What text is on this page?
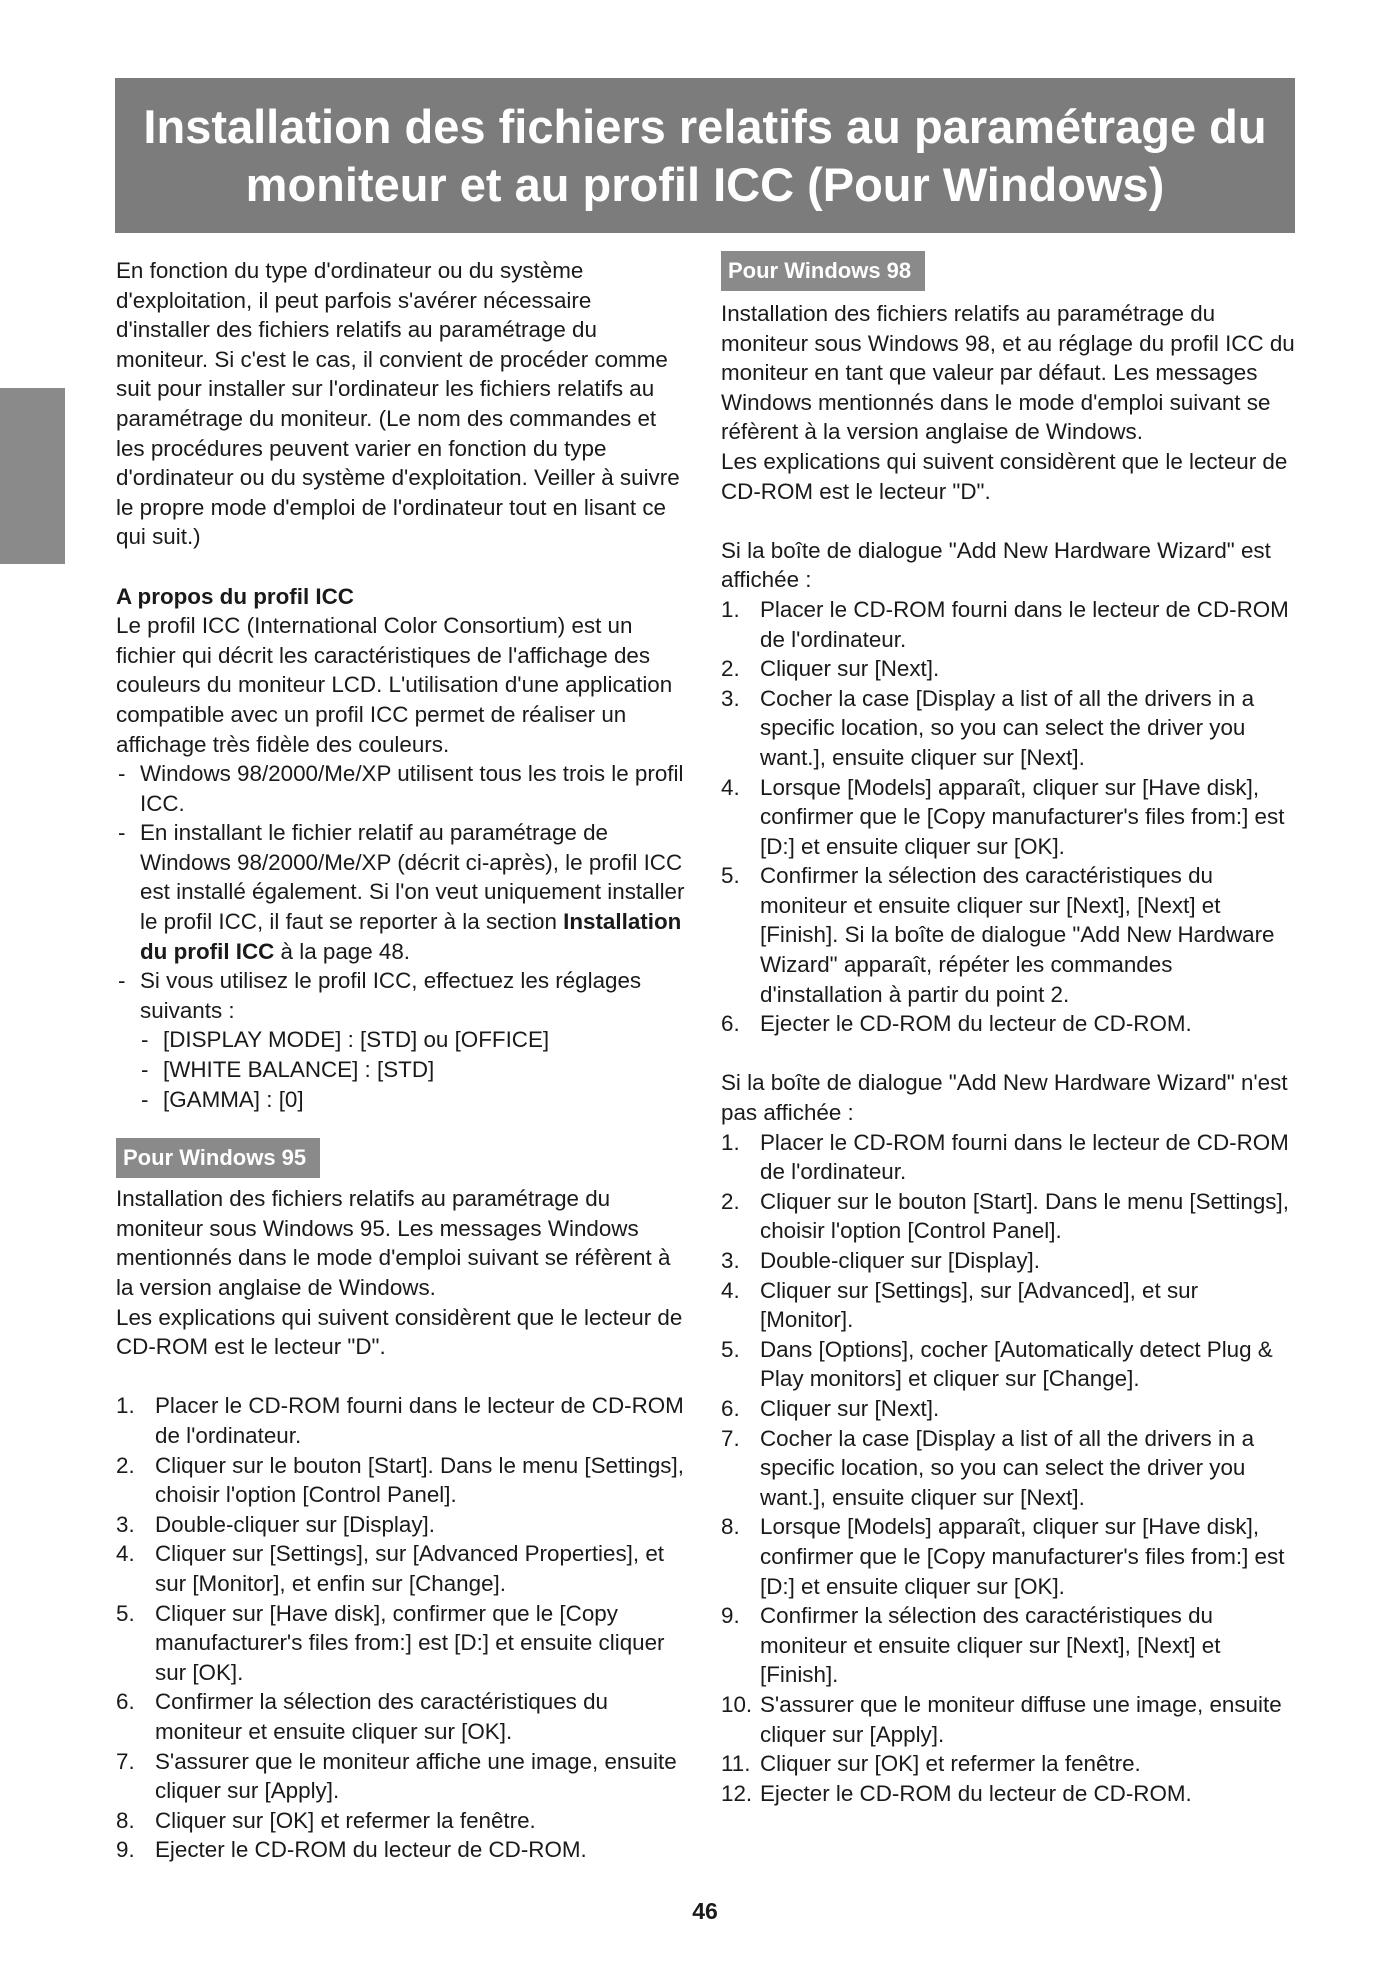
Installation des fichiers relatifs au paramétrage du
moniteur et au profil ICC (Pour Windows)

En fonction du type d'ordinateur ou du système d'exploitation, il peut parfois s'avérer nécessaire d'installer des fichiers relatifs au paramétrage du moniteur. Si c'est le cas, il convient de procéder comme suit pour installer sur l'ordinateur les fichiers relatifs au paramétrage du moniteur. (Le nom des commandes et les procédures peuvent varier en fonction du type d'ordinateur ou du système d'exploitation. Veiller à suivre le propre mode d'emploi de l'ordinateur tout en lisant ce qui suit.)

A propos du profil ICC

Le profil ICC (International Color Consortium) est un fichier qui décrit les caractéristiques de l'affichage des couleurs du moniteur LCD. L'utilisation d'une application compatible avec un profil ICC permet de réaliser un affichage très fidèle des couleurs.

- Windows 98/2000/Me/XP utilisent tous les trois le profil ICC.
- En installant le fichier relatif au paramétrage de Windows 98/2000/Me/XP (décrit ci-après), le profil ICC est installé également. Si l'on veut uniquement installer le profil ICC, il faut se reporter à la section Installation du profil ICC à la page 48.
- Si vous utilisez le profil ICC, effectuez les réglages suivants :
- [DISPLAY MODE] : [STD] ou [OFFICE]
- [WHITE BALANCE] : [STD]
- [GAMMA] : [0]
Pour Windows 95

Installation des fichiers relatifs au paramétrage du moniteur sous Windows 95. Les messages Windows mentionnés dans le mode d'emploi suivant se réfèrent à la version anglaise de Windows.

Les explications qui suivent considèrent que le lecteur de CD-ROM est le lecteur "D".

1. Placer le CD-ROM fourni dans le lecteur de CD-ROM de l'ordinateur.
2. Cliquer sur le bouton [Start]. Dans le menu [Settings], choisir l'option [Control Panel].
3. Double-cliquer sur [Display].
4. Cliquer sur [Settings], sur [Advanced Properties], et sur [Monitor], et enfin sur [Change].
5. Cliquer sur [Have disk], confirmer que le [Copy manufacturer's files from:] est [D:] et ensuite cliquer sur [OK].
6. Confirmer la sélection des caractéristiques du moniteur et ensuite cliquer sur [OK].
7. S'assurer que le moniteur affiche une image, ensuite cliquer sur [Apply].
8. Cliquer sur [OK] et refermer la fenêtre.
9. Ejecter le CD-ROM du lecteur de CD-ROM.
Pour Windows 98

Installation des fichiers relatifs au paramétrage du moniteur sous Windows 98, et au réglage du profil ICC du moniteur en tant que valeur par défaut. Les messages Windows mentionnés dans le mode d'emploi suivant se réfèrent à la version anglaise de Windows.

Les explications qui suivent considèrent que le lecteur de CD-ROM est le lecteur "D".

Si la boîte de dialogue "Add New Hardware Wizard" est affichée :

1. Placer le CD-ROM fourni dans le lecteur de CD-ROM de l'ordinateur.
2. Cliquer sur [Next].
3. Cocher la case [Display a list of all the drivers in a specific location, so you can select the driver you want.], ensuite cliquer sur [Next].
4. Lorsque [Models] apparaît, cliquer sur [Have disk], confirmer que le [Copy manufacturer's files from:] est [D:] et ensuite cliquer sur [OK].
5. Confirmer la sélection des caractéristiques du moniteur et ensuite cliquer sur [Next], [Next] et [Finish]. Si la boîte de dialogue "Add New Hardware Wizard" apparaît, répéter les commandes d'installation à partir du point 2.
6. Ejecter le CD-ROM du lecteur de CD-ROM.

Si la boîte de dialogue "Add New Hardware Wizard" n'est pas affichée :

1. Placer le CD-ROM fourni dans le lecteur de CD-ROM de l'ordinateur.
2. Cliquer sur le bouton [Start]. Dans le menu [Settings], choisir l'option [Control Panel].
3. Double-cliquer sur [Display].
4. Cliquer sur [Settings], sur [Advanced], et sur [Monitor].
5. Dans [Options], cocher [Automatically detect Plug & Play monitors] et cliquer sur [Change].
6. Cliquer sur [Next].
7. Cocher la case [Display a list of all the drivers in a specific location, so you can select the driver you want.], ensuite cliquer sur [Next].
8. Lorsque [Models] apparaît, cliquer sur [Have disk], confirmer que le [Copy manufacturer's files from:] est [D:] et ensuite cliquer sur [OK].
9. Confirmer la sélection des caractéristiques du moniteur et ensuite cliquer sur [Next], [Next] et [Finish].
10. S'assurer que le moniteur diffuse une image, ensuite cliquer sur [Apply].
11. Cliquer sur [OK] et refermer la fenêtre.
12. Ejecter le CD-ROM du lecteur de CD-ROM.
46
